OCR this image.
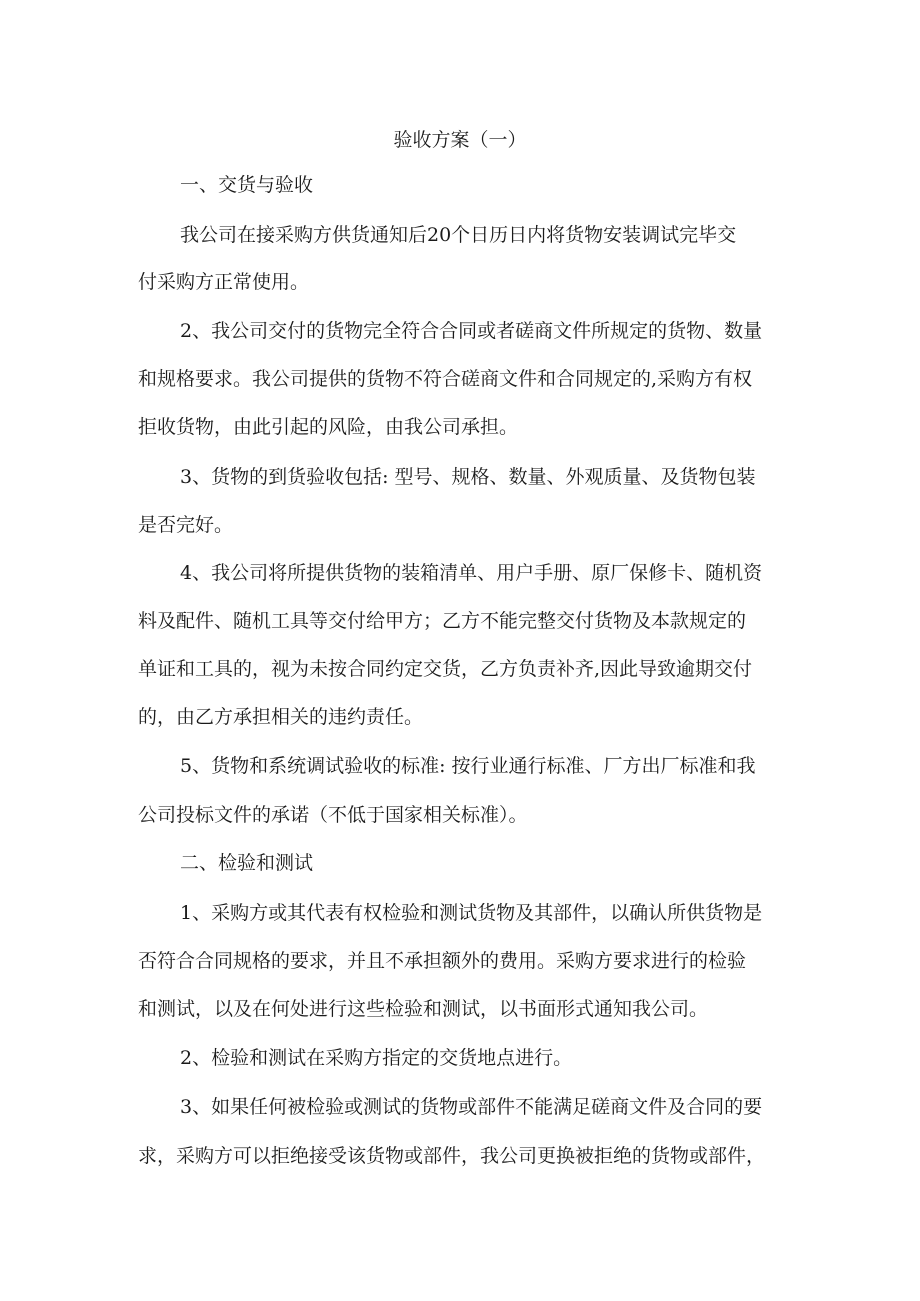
验收方案（一）
一、交货与验收
我公司在接采购方供货通知后20个日历日内将货物安装调试完毕交
付采购方正常使用。
2、我公司交付的货物完全符合合同或者磋商文件所规定的货物、数量
和规格要求。我公司提供的货物不符合磋商文件和合同规定的,采购方有权
拒收货物，由此引起的风险，由我公司承担。
3、货物的到货验收包括: 型号、规格、数量、外观质量、及货物包装
是否完好。
4、我公司将所提供货物的装箱清单、用户手册、原厂保修卡、随机资
料及配件、随机工具等交付给甲方；乙方不能完整交付货物及本款规定的
单证和工具的，视为未按合同约定交货，乙方负责补齐,因此导致逾期交付
的，由乙方承担相关的违约责任。
5、货物和系统调试验收的标准: 按行业通行标准、厂方出厂标准和我
公司投标文件的承诺（不低于国家相关标准）。
二、检验和测试
1、采购方或其代表有权检验和测试货物及其部件，以确认所供货物是
否符合合同规格的要求，并且不承担额外的费用。采购方要求进行的检验
和测试，以及在何处进行这些检验和测试，以书面形式通知我公司。
2、检验和测试在采购方指定的交货地点进行。
3、如果任何被检验或测试的货物或部件不能满足磋商文件及合同的要
求，采购方可以拒绝接受该货物或部件，我公司更换被拒绝的货物或部件，
